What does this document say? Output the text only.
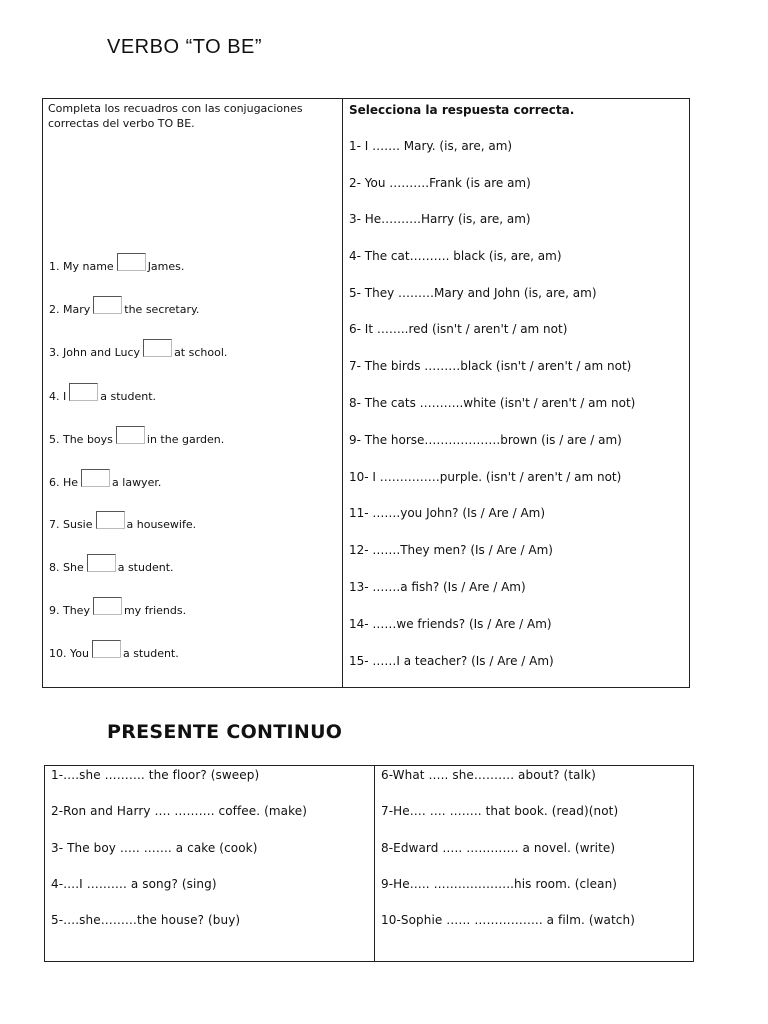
VERBO “TO BE”
Completa los recuadros con las conjugaciones correctas del verbo TO BE.
1. My name	James.
2. Mary	the secretary.
3. John and Lucy	at school.
4. I	a student.
5. The boys	in the garden.
6. He	a lawyer.
7. Susie	a housewife.
8. She	a student.
9. They	my friends.
10. You	a student.
Selecciona la respuesta correcta.
1- I ……. Mary. (is, are, am)
2- You ……….Frank (is are am)
3- He……….Harry (is, are, am)
4- The cat………. black (is, are, am)
5- They ………Mary and John (is, are, am)
6- It ……..red (isn't / aren't / am not)
7- The birds ………black (isn't / aren't / am not)
8- The cats ………..white (isn't / aren't / am not)
9- The horse……………….brown (is / are / am)
10- I ……………purple. (isn't / aren't / am not)
11- …….you John? (Is / Are / Am)
12- …….They men? (Is / Are / Am)
13- …….a fish? (Is / Are / Am)
14- ……we friends? (Is / Are / Am)
15- ……I a teacher? (Is / Are / Am)
PRESENTE CONTINUO
1-….she ………. the floor? (sweep)
2-Ron and Harry …. ………. coffee. (make)
3- The boy ….. ……. a cake (cook)
4-….I ………. a song? (sing)
5-….she………the house? (buy)
6-What ….. she………. about? (talk)
7-He…. …. …….. that book. (read)(not)
8-Edward ….. …………. a novel. (write)
9-He….. ………………..his room. (clean)
10-Sophie …… …………….. a film. (watch)
